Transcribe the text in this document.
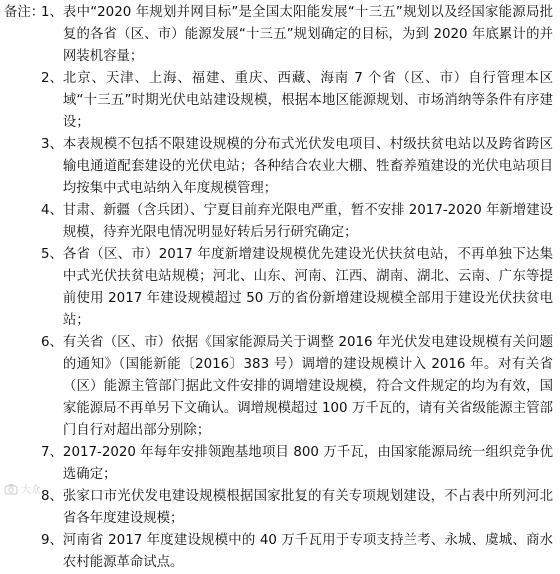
备注：
1、 表中“2020 年规划并网目标”是全国太阳能发展“十三五”规划以及经国家能源局批复的各省（区、市）能源发展“十三五”规划确定的目标，为到 2020 年底累计的并网装机容量；
2、 北京、天津、上海、福建、重庆、西藏、海南 7 个省（区、市）自行管理本区域“十三五”时期光伏电站建设规模，根据本地区能源规划、市场消纳等条件有序建设；
3、 本表规模不包括不限建设规模的分布式光伏发电项目、村级扶贫电站以及跨省跨区输电通道配套建设的光伏电站；各种结合农业大棚、牲畜养殖建设的光伏电站项目均按集中式电站纳入年度规模管理；
4、 甘肃、新疆（含兵团）、宁夏目前弃光限电严重，暂不安排 2017-2020 年新增建设规模，待弃光限电情况明显好转后另行研究确定；
5、 各省（区、市）2017 年度新增建设规模优先建设光伏扶贫电站，不再单独下达集中式光伏扶贫电站规模；河北、山东、河南、江西、湖南、湖北、云南、广东等提前使用 2017 年建设规模超过 50 万的省份新增建设规模全部用于建设光伏扶贫电站；
6、 有关省（区、市）依据《国家能源局关于调整 2016 年光伏发电建设规模有关问题的通知》（国能新能〔2016〕383 号）调增的建设规模计入 2016 年。对有关省（区）能源主管部门据此文件安排的调增建设规模，符合文件规定的均为有效，国家能源局不再单另下文确认。调增规模超过 100 万千瓦的，请有关省级能源主管部门自行对超出部分别除；
7、 2017-2020 年每年安排领跑基地项目 800 万千瓦，由国家能源局统一组织竞争优选确定；
8、 张家口市光伏发电建设规模根据国家批复的有关专项规划建设，不占表中所列河北省各年度建设规模；
9、 河南省 2017 年度建设规模中的 40 万千瓦用于专项支持兰考、永城、虞城、商水农村能源革命试点。
大众
